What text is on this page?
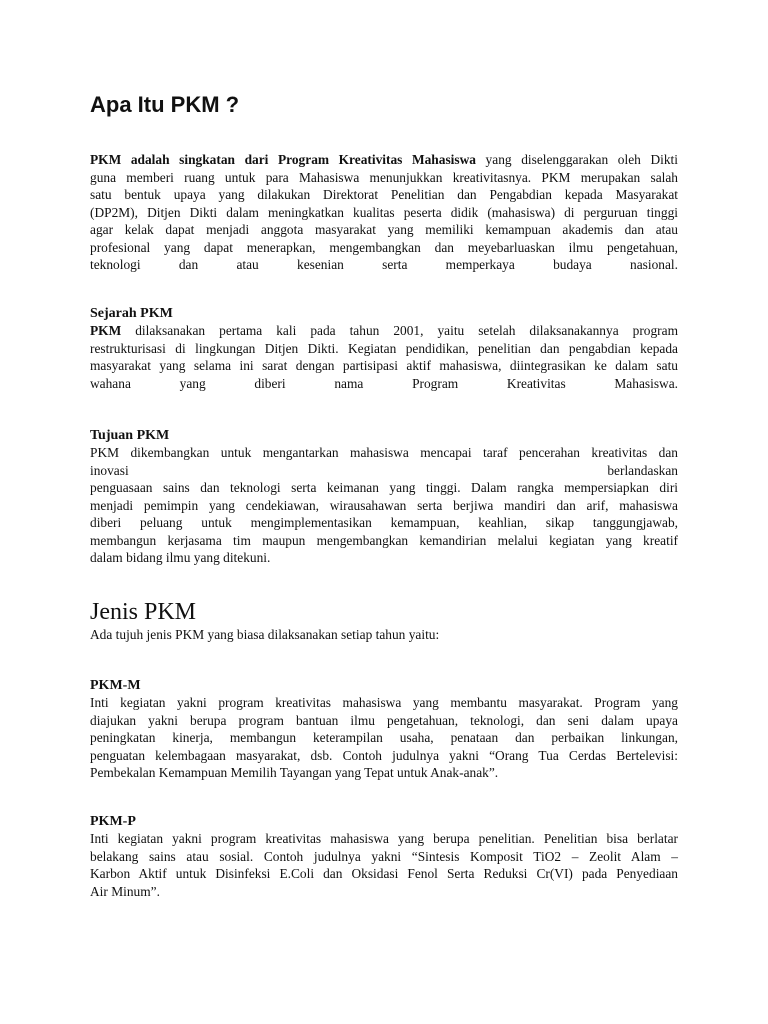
Apa Itu PKM ?
PKM adalah singkatan dari Program Kreativitas Mahasiswa yang diselenggarakan oleh Dikti
guna memberi ruang untuk para Mahasiswa menunjukkan kreativitasnya. PKM merupakan salah
satu bentuk upaya yang dilakukan Direktorat Penelitian dan Pengabdian kepada Masyarakat
(DP2M), Ditjen Dikti dalam meningkatkan kualitas peserta didik (mahasiswa) di perguruan tinggi
agar kelak dapat menjadi anggota masyarakat yang memiliki kemampuan akademis dan atau
profesional yang dapat menerapkan, mengembangkan dan meyebarluaskan ilmu pengetahuan,
teknologi dan atau kesenian serta memperkaya budaya nasional.
Sejarah PKM
PKM dilaksanakan pertama kali pada tahun 2001, yaitu setelah dilaksanakannya program
restrukturisasi di lingkungan Ditjen Dikti. Kegiatan pendidikan, penelitian dan pengabdian kepada
masyarakat yang selama ini sarat dengan partisipasi aktif mahasiswa, diintegrasikan ke dalam satu
wahana yang diberi nama Program Kreativitas Mahasiswa.
Tujuan PKM
PKM dikembangkan untuk mengantarkan mahasiswa mencapai taraf pencerahan kreativitas dan
inovasi	berlandaskan
penguasaan sains dan teknologi serta keimanan yang tinggi. Dalam rangka mempersiapkan diri
menjadi pemimpin yang cendekiawan, wirausahawan serta berjiwa mandiri dan arif, mahasiswa
diberi peluang untuk mengimplementasikan kemampuan, keahlian, sikap tanggungjawab,
membangun kerjasama tim maupun mengembangkan kemandirian melalui kegiatan yang kreatif
dalam bidang ilmu yang ditekuni.
Jenis PKM
Ada tujuh jenis PKM yang biasa dilaksanakan setiap tahun yaitu:
PKM-M
Inti kegiatan yakni program kreativitas mahasiswa yang membantu masyarakat. Program yang
diajukan yakni berupa program bantuan ilmu pengetahuan, teknologi, dan seni dalam upaya
peningkatan kinerja, membangun keterampilan usaha, penataan dan perbaikan linkungan,
penguatan kelembagaan masyarakat, dsb. Contoh judulnya yakni “Orang Tua Cerdas Bertelevisi:
Pembekalan Kemampuan Memilih Tayangan yang Tepat untuk Anak-anak”.
PKM-P
Inti kegiatan yakni program kreativitas mahasiswa yang berupa penelitian. Penelitian bisa berlatar
belakang sains atau sosial. Contoh judulnya yakni “Sintesis Komposit TiO2 – Zeolit Alam –
Karbon Aktif untuk Disinfeksi E.Coli dan Oksidasi Fenol Serta Reduksi Cr(VI) pada Penyediaan
Air Minum”.
